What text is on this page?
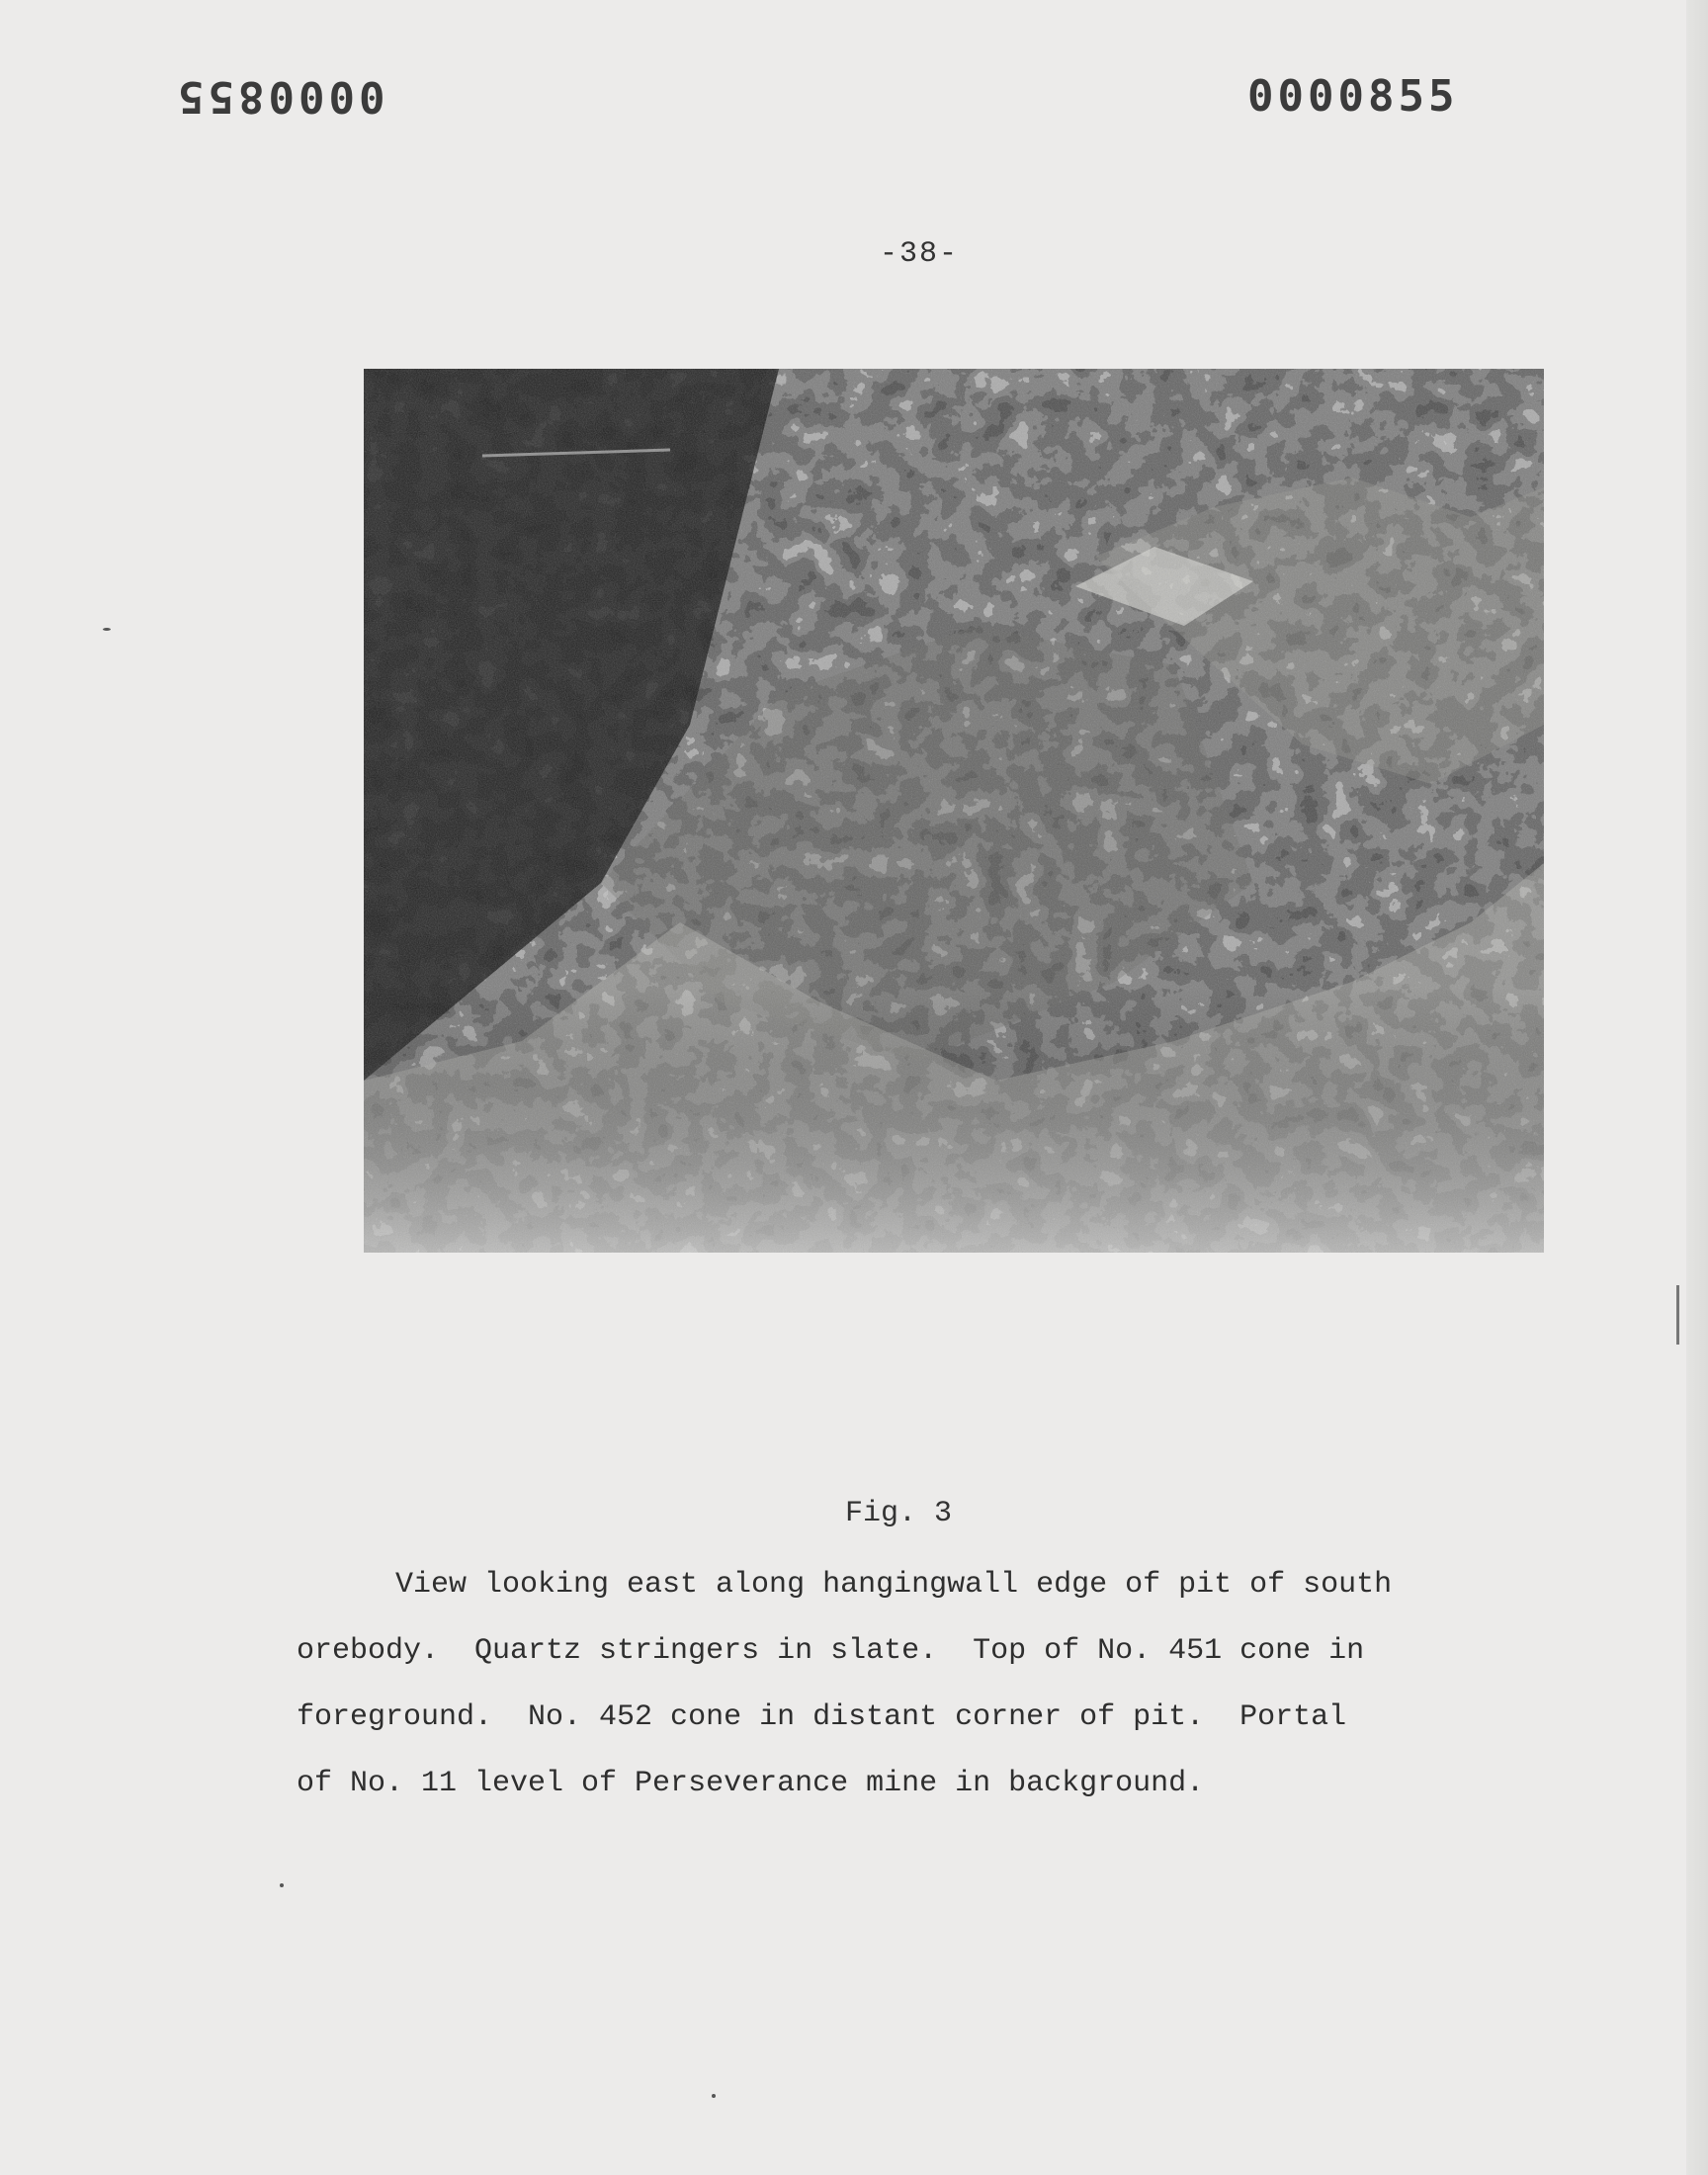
0000855	0000855
-38-
Fig. 3
View looking east along hangingwall edge of pit of south
orebody.  Quartz stringers in slate.  Top of No. 451 cone in
foreground.  No. 452 cone in distant corner of pit.  Portal
of No. 11 level of Perseverance mine in background.
